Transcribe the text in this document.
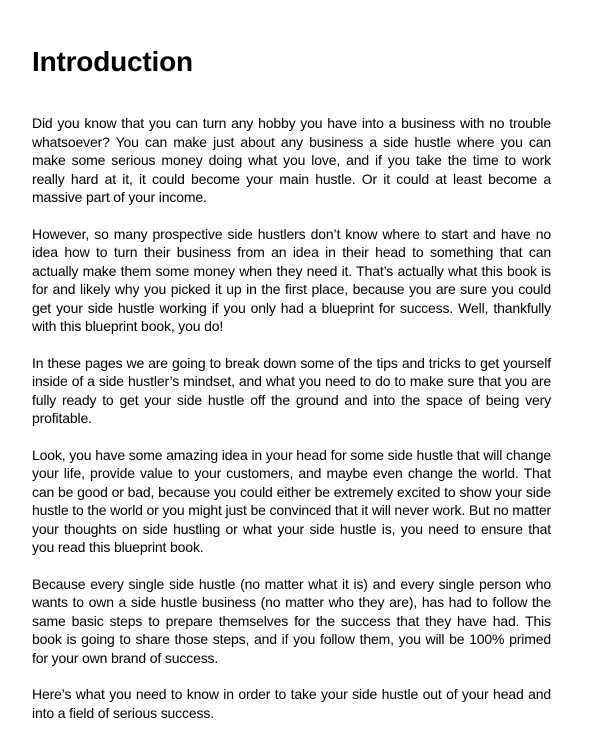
Introduction

Did you know that you can turn any hobby you have into a business with no trouble whatsoever? You can make just about any business a side hustle where you can make some serious money doing what you love, and if you take the time to work really hard at it, it could become your main hustle. Or it could at least become a massive part of your income.

However, so many prospective side hustlers don’t know where to start and have no idea how to turn their business from an idea in their head to something that can actually make them some money when they need it. That’s actually what this book is for and likely why you picked it up in the first place, because you are sure you could get your side hustle working if you only had a blueprint for success. Well, thankfully with this blueprint book, you do!

In these pages we are going to break down some of the tips and tricks to get yourself inside of a side hustler’s mindset, and what you need to do to make sure that you are fully ready to get your side hustle off the ground and into the space of being very profitable.

Look, you have some amazing idea in your head for some side hustle that will change your life, provide value to your customers, and maybe even change the world. That can be good or bad, because you could either be extremely excited to show your side hustle to the world or you might just be convinced that it will never work. But no matter your thoughts on side hustling or what your side hustle is, you need to ensure that you read this blueprint book.

Because every single side hustle (no matter what it is) and every single person who wants to own a side hustle business (no matter who they are), has had to follow the same basic steps to prepare themselves for the success that they have had. This book is going to share those steps, and if you follow them, you will be 100% primed for your own brand of success.

Here’s what you need to know in order to take your side hustle out of your head and into a field of serious success.
